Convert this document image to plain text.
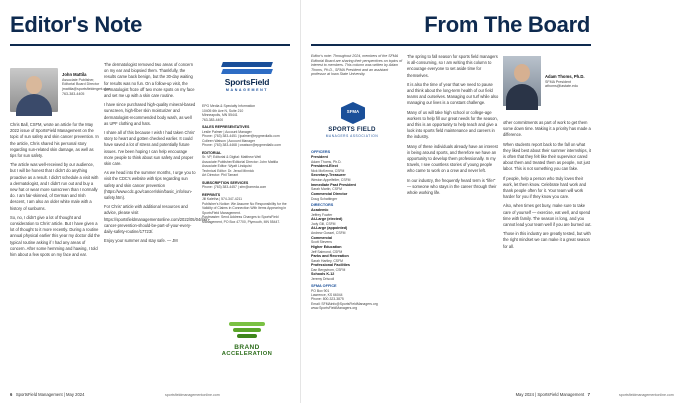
Editor's Note
John Mattila
Associate Publisher,
Editorial Board Director
jmattila@sportsfieldmgmt.com
763-383-4405

Chris Ball, CSFM, wrote an article for the May 2022 issue of SportsField Management on the topic of sun safety and skin cancer prevention. In the article, Chris shared his personal story regarding sun-related skin damage, as well as tips for sun safety.

The article was well-received by our audience, but I will be honest that I didn't do anything proactive as a result. I didn't schedule a visit with a dermatologist, and I didn't run out and buy a new hat or wear more sunscreen than I normally do. I am fair-skinned, of German and Irish descent, I am also an older white male with a history of sunburns.

So, no, I didn't give a lot of thought and consideration to Chris' article. But I have given a lot of thought to it more recently. During a routine annual physical earlier this year my doctor did the typical routine asking if I had any areas of concern. After some hemming and hawing, I told him about a few spots on my face and ear.

The dermatologist removed two areas of concern on my ear and biopsied them. Thankfully, the results came back benign, but the 30-day waiting for results was no fun. On a follow-up visit, the dermatologist froze off two more spots on my face and set me up with a skin care routine.

I have since purchased high-quality mineral-based sunscreen, high-fiber skin moisturizer and dermatologist-recommended body wash, as well as UPF clothing and hats.

I share all of this because I wish I had taken Chris' story to heart and gotten checked earlier. It could have saved a lot of stress and potentially future issues. I've been hoping I can help encourage more people to think about sun safety and proper skin care.

As we head into the summer months, I urge you to visit the CDC's website with tips regarding sun safety and skin cancer prevention (https://www.cdc.gov/cancer/skin/basic_info/sun-safety.htm).

For Chris' article with additional resources and advice, please visit https://sportsfieldmanagementonline.com/2022/05/04/skin-cancer-prevention-should-be-part-of-your-every-daily-safety-routine/17723/.

Enjoy your summer and stay safe. — JM

SportsField
MANAGEMENT
EPG Media & Specialty Information
10405 6th Ave N, Suite 210
Minneapolis, MN 55441
763-383-4400
SALES REPRESENTATIVES
Leslie Palmer | Account Manager
Phone: (763) 383-4451 | lpalmer@epgmediallc.com
Colleen Watson | Account Manager
Phone: (763) 383-4468 | cwatson@epgmediallc.com
EDITORIAL
Sr. VP, Editorial & Digital: Matthew Weil
Associate Publisher/Editorial Director: John Mattila
Associate Editor: Wyatt Lindquist
Technical Editor: Dr. Jerad Minnick
Art Director: Phil Tarrant
SUBSCRIPTION SERVICES
Phone: (763) 383-4457 | sfm@omeda.com
REPRINTS
Jill Kaletha | 574-347-4211
Publisher's Notice: We Assume No Responsibility for the Validity of Claims in Connection With Items Appearing in SportsField Management.
Postmaster: Send Address Changes to SportsField Management, PO Box 47700, Plymouth, MN 55447.
BRAND
ACCELERATION
6 SportsField Management | May 2024	sportsfieldmanagementonline.com
From The Board
Editor's note: Throughout 2024, members of the SFMA Editorial Board are sharing their perspectives on topics of interest to members. This column was written by Adam Thoms, Ph.D., SFMA President and an assistant professor at Iowa State University.
SFMA
SPORTS FIELD
MANAGERS ASSOCIATION
OFFICERS
President
Adam Thoms, Ph.D.
President-Elect
Nick McKenna, CSFM
Secretary-Treasurer
Weston Appelfeller, CSFM
Immediate Past President
Sarah Martin, CSFM
Commercial Director
Doug Schattinger
DIRECTORS
Academic
Jeffrey Fowler
At-Large (elected)
Jody Gill, CSFM
At-Large (appointed)
Andrew Gossel, CSFM
Commercial
Scott Stevens
Higher Education
Jeff Salmond, CSFM
Parks and Recreation
Sarah Hartley, CSFM
Professional Facilities
Dan Bergstrom, CSFM
Schools K-12
Jeremy Driscoll
SFMA OFFICE
PO Box 901
Lawrence, KS 66044
Phone: 800-323-3875
Email: SFMAinfo@SportsFieldManagers.org
www.SportsFieldManagers.org

The spring to fall season for sports field managers is all-consuming, so I am writing this column to encourage everyone to set aside time for themselves.

It is also the time of year that we need to pause and think about the long-term health of our field teams and ourselves. Managing our turf while also managing our lives is a constant challenge.

Many of us will take high school or college-age workers to help fill our great needs for the season, and this is an opportunity to help teach and give a look into sports field maintenance and careers in the industry.

Many of these individuals already have an interest in being around sports, and therefore we have an opportunity to develop them professionally. In my travels, I see countless stories of young people who came to work on a crew and never left.

In our industry, the frequently heard term is "lifer" — someone who stays in the career through their whole working life.

Adam Thoms, Ph.D.
SFMA President
athoms@iastate.edu

other commitments as part of work to get them some down time. Making it a priority has made a difference.

When students report back to the fall on what they liked best about their summer internships, it is often that they felt like their supervisor cared about them and treated them as people, not just labor. This is not something you can fake.

If people, help a person who truly loves their work, let them know. Celebrate hard work and thank people often for it. Your team will work harder for you if they know you care.

Also, when times get busy, make sure to take care of yourself — exercise, eat well, and spend time with family. The season is long, and you cannot lead your team well if you are burned out.

Those in this industry are greatly tested, but with the right mindset we can make it a great season for all.

sportsfieldmanagementonline.com
May 2024 | SportsField Management 7
